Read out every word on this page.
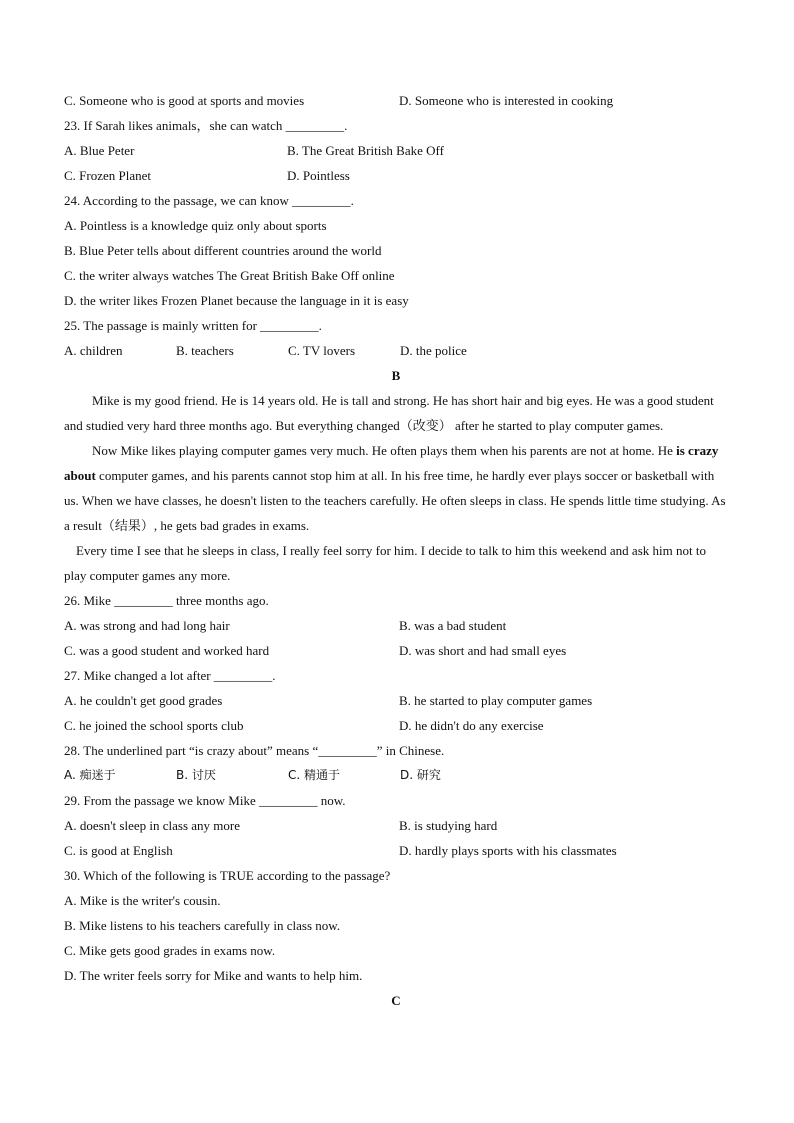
C. Someone who is good at sports and movies	D. Someone who is interested in cooking
23. If Sarah likes animals，she can watch _________.
A. Blue Peter	B. The Great British Bake Off
C. Frozen Planet	D. Pointless
24. According to the passage, we can know _________.
A. Pointless is a knowledge quiz only about sports
B. Blue Peter tells about different countries around the world
C. the writer always watches The Great British Bake Off online
D. the writer likes Frozen Planet because the language in it is easy
25. The passage is mainly written for _________.
A. children	B. teachers	C. TV lovers	D. the police
B
Mike is my good friend. He is 14 years old. He is tall and strong. He has short hair and big eyes. He was a good student and studied very hard three months ago. But everything changed（改变） after he started to play computer games.
Now Mike likes playing computer games very much. He often plays them when his parents are not at home. He is crazy about computer games, and his parents cannot stop him at all. In his free time, he hardly ever plays soccer or basketball with us. When we have classes, he doesn't listen to the teachers carefully. He often sleeps in class. He spends little time studying. As a result（结果）, he gets bad grades in exams.
Every time I see that he sleeps in class, I really feel sorry for him. I decide to talk to him this weekend and ask him not to play computer games any more.
26. Mike _________ three months ago.
A. was strong and had long hair	B. was a bad student
C. was a good student and worked hard	D. was short and had small eyes
27. Mike changed a lot after _________.
A. he couldn't get good grades	B. he started to play computer games
C. he joined the school sports club	D. he didn't do any exercise
28. The underlined part “is crazy about” means “_________” in Chinese.
A. 痴迷于	B. 讨厌	C. 精通于	D. 研究
29. From the passage we know Mike _________ now.
A. doesn't sleep in class any more	B. is studying hard
C. is good at English	D. hardly plays sports with his classmates
30. Which of the following is TRUE according to the passage?
A. Mike is the writer's cousin.
B. Mike listens to his teachers carefully in class now.
C. Mike gets good grades in exams now.
D. The writer feels sorry for Mike and wants to help him.
C
